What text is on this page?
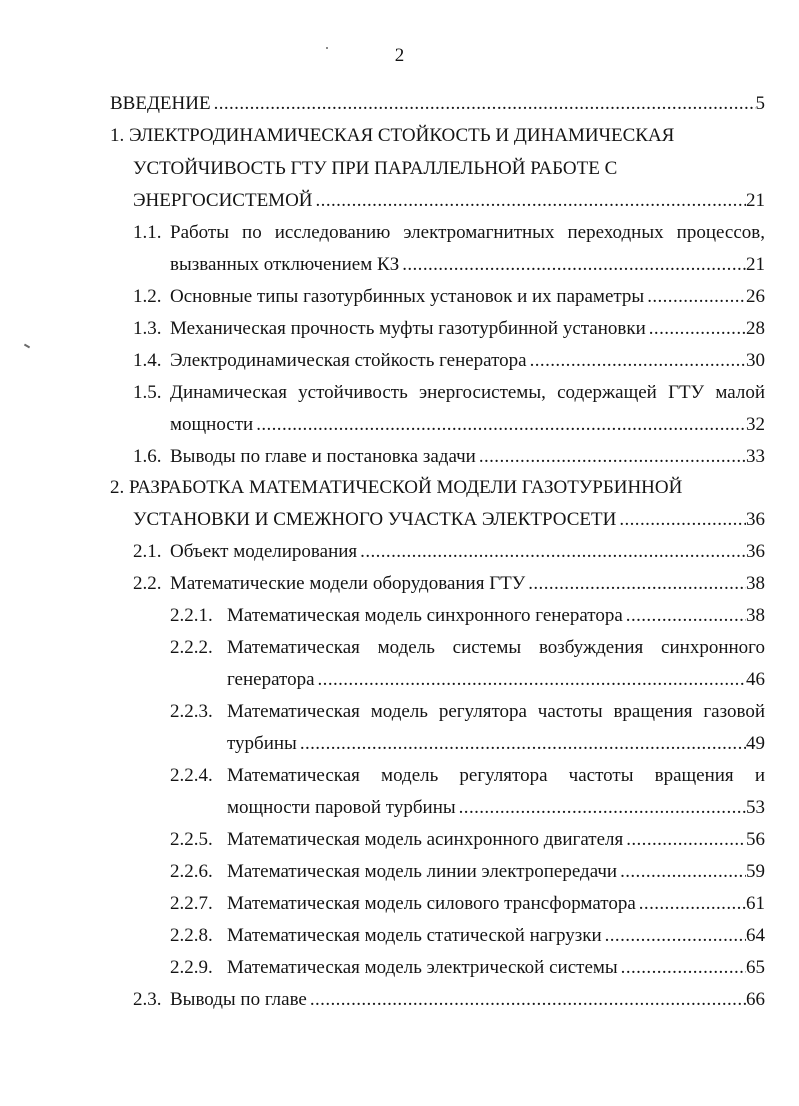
2
ВВЕДЕНИЕ .....	5
1. ЭЛЕКТРОДИНАМИЧЕСКАЯ СТОЙКОСТЬ И ДИНАМИЧЕСКАЯ
УСТОЙЧИВОСТЬ ГТУ ПРИ ПАРАЛЛЕЛЬНОЙ РАБОТЕ С
ЭНЕРГОСИСТЕМОЙ .....	21
1.1. Работы по исследованию электромагнитных переходных процессов,
вызванных отключением КЗ .....	21
1.2. Основные типы газотурбинных установок и их параметры .....	26
1.3. Механическая прочность муфты газотурбинной установки .....	28
1.4. Электродинамическая стойкость генератора .....	30
1.5. Динамическая устойчивость энергосистемы, содержащей ГТУ малой
мощности .....	32
1.6. Выводы по главе и постановка задачи .....	33
2. РАЗРАБОТКА МАТЕМАТИЧЕСКОЙ МОДЕЛИ ГАЗОТУРБИННОЙ
УСТАНОВКИ И СМЕЖНОГО УЧАСТКА ЭЛЕКТРОСЕТИ .....	36
2.1. Объект моделирования .....	36
2.2. Математические модели оборудования ГТУ .....	38
2.2.1. Математическая модель синхронного генератора .....	38
2.2.2. Математическая модель системы возбуждения синхронного
генератора .....	46
2.2.3. Математическая модель регулятора частоты вращения газовой
турбины .....	49
2.2.4. Математическая модель регулятора частоты вращения и
мощности паровой турбины .....	53
2.2.5. Математическая модель асинхронного двигателя .....	56
2.2.6. Математическая модель линии электропередачи .....	59
2.2.7. Математическая модель силового трансформатора .....	61
2.2.8. Математическая модель статической нагрузки .....	64
2.2.9. Математическая модель электрической системы .....	65
2.3. Выводы по главе .....	66
